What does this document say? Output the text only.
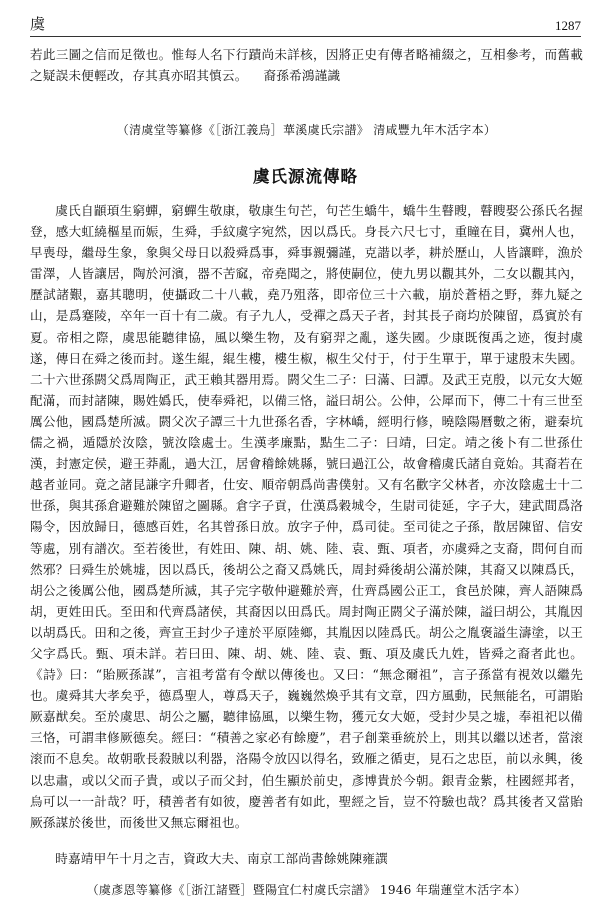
虞	1287

若此三圖之信而足徵也。惟每人名下行蹟尚未詳核，因將正史有傳者略補綴之，互相參考，而舊載之疑誤未便輕改，存其真亦昭其慎云。 裔孫希鴻謹識

（清虞堂等纂修《［浙江義烏］華溪虞氏宗譜》 清咸豐九年木活字本）
虞氏源流傳略

虞氏自顓頊生窮蟬，窮蟬生敬康，敬康生句芒，句芒生蟜牛，蟜牛生瞽瞍，瞽瞍娶公孫氏名握登，感大虹繞樞星而娠，生舜，手紋虞字宛然，因以爲氏。身長六尺七寸，重瞳在目，冀州人也，早喪母，繼母生象，象與父母日以殺舜爲事，舜事親彌謹，克諧以孝，耕於歷山，人皆讓畔，漁於雷澤，人皆讓居，陶於河濱，器不苦窳，帝堯聞之，將使嗣位，使九男以觀其外，二女以觀其內，歷試諸艱，嘉其聰明，使攝政二十八載，堯乃殂落，即帝位三十六載，崩於蒼梧之野，葬九疑之山，是爲蹇陵，卒年一百十有二歲。有子九人，受禪之爲天子者，封其長子商均於陳留，爲賓於有夏。帝相之際，虞思能聽律協，風以樂生物，及有窮羿之亂，遂失國。少康既復禹之迹，復封虞遂，傳日在舜之後而封。遂生緄，緄生樓，樓生椒，椒生父付于，付于生單于，單于逮殷末失國。二十六世孫閼父爲周陶正，武王賴其器用焉。閼父生二子：曰滿、曰譚。及武王克殷，以元女大姬配滿，而封諸陳，賜姓嬀氏，使奉舜祀，以備三恪，謚曰胡公。公伸，公犀而下，傳二十有三世至厲公他，國爲楚所滅。閼父次子譚三十九世孫名香，字林嶠，經明行修，曉陰陽曆數之術，避秦坑儒之禍，遁隱於汝陰，號汝陰處士。生漢孝廉點，點生二子：曰靖，曰定。靖之後卜有二世孫仕漢，封憲定侯，避王莽亂，過大江，居會稽餘姚縣，號曰過江公，故會稽虞氏諸自竟始。其裔若在越者並同。竟之諸昆謙字升卿者，仕安、順帝朝爲尚書僕射。又有名歡字父林者，亦汝陰處士十二世孫，與其孫倉避難於陳留之圖縣。倉字子貢，仕漢爲穀城令，生尉司徒延，字子大，建武間爲洛陽令，因放歸日，德感百姓，名其曾孫日放。放字子仲，爲司徒。至司徒之子孫，散居陳留、信安等處，別有譜次。至若後世，有姓田、陳、胡、姚、陸、袁、甄、項者，亦虞舜之支裔，問何自而然邪？曰舜生於姚墟，因以爲氏，後胡公之裔又爲姚氏，周封舜後胡公滿於陳，其裔又以陳爲氏，胡公之後厲公他，國爲楚所滅，其子完字敬仲避難於齊，仕齊爲國公正工，食邑於陳，齊人語陳爲胡，更姓田氏。至田和代齊爲諸侯，其裔因以田爲氏。周封陶正閼父子滿於陳，謚曰胡公，其胤因以胡爲氏。田和之後，齊宣王封少子達於平原陸鄉，其胤因以陸爲氏。胡公之胤褒謚生濤塗，以王父字爲氏。甄、項未詳。若曰田、陳、胡、姚、陸、袁、甄、項及虞氏九姓，皆舜之裔者此也。《詩》曰：“貽厥孫謀”，言祖考當有令猷以傳後也。又曰：“無念爾祖”，言子孫當有視效以繼先也。虞舜其大孝矣乎，德爲聖人，尊爲天子，巍巍然煥乎其有文章，四方風動，民無能名，可謂貽厥嘉猷矣。至於虞思、胡公之屬，聽律協風，以樂生物，獲元女大姬，受封少昊之墟，奉祖祀以備三恪，可謂聿修厥德矣。經曰：“積善之家必有餘慶”，君子創業垂統於上，則其以繼以述者，當滚滚而不息矣。故朝歌長殺賊以利器，洛陽令放囚以得名，致雁之循吏，見石之忠臣，前以永興，後以忠肅，或以父而子貴，或以子而父封，伯生顯於前史，彥博貴於今朝。銀青金紫，柱國經邦者，烏可以一一計哉？吁，積善者有如彼，慶善者有如此，聖經之旨，豈不符驗也哉？爲其後者又當貽厥孫謀於後世，而後世又無忘爾祖也。

時嘉靖甲午十月之吉，資政大夫、南京工部尚書餘姚陳雍譔
（虞彥恩等纂修《［浙江諸暨］暨陽宜仁村虞氏宗譜》 1946 年瑞蓮堂木活字本）
